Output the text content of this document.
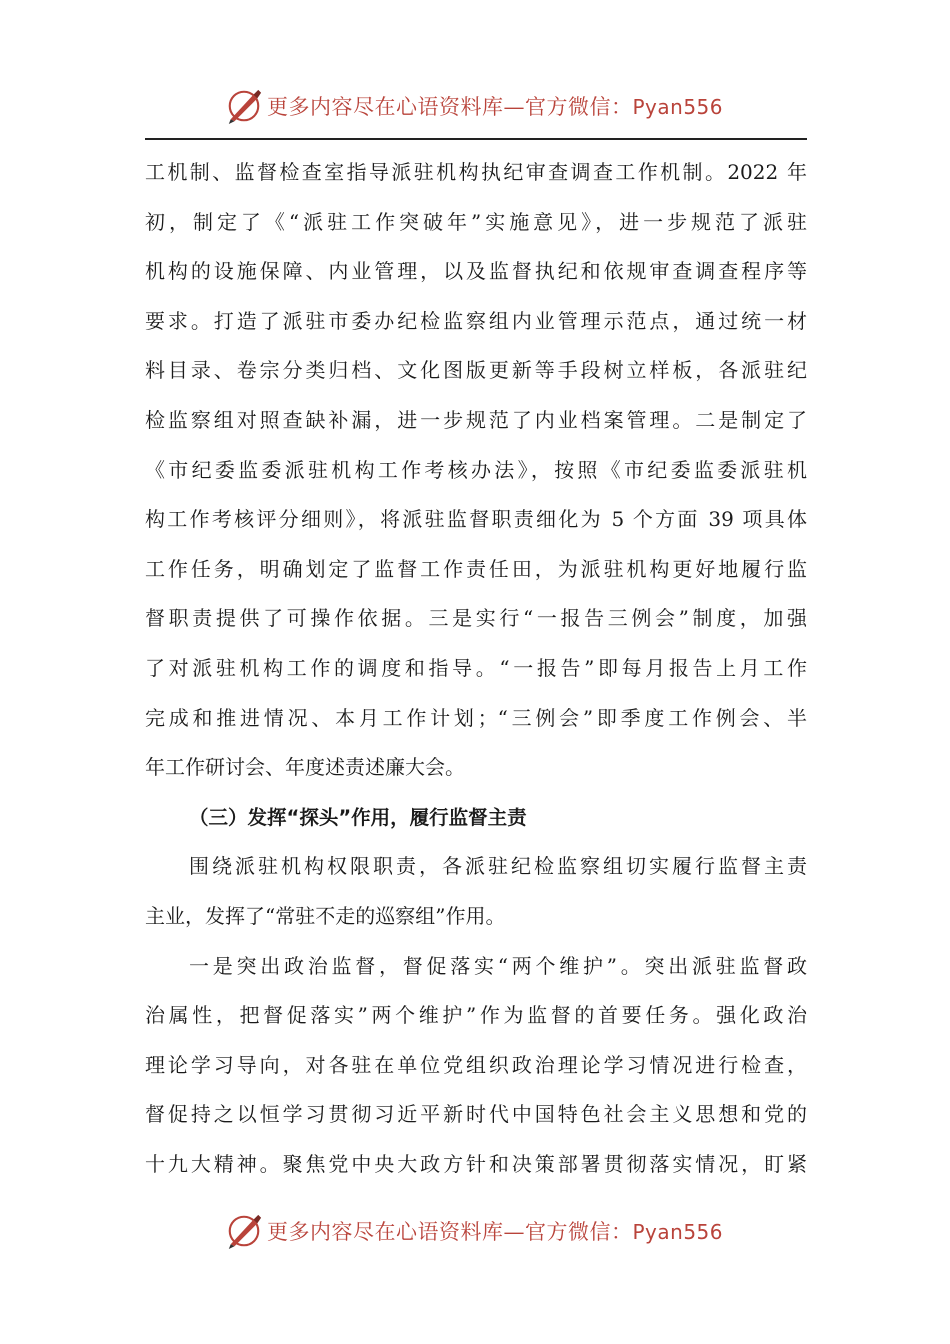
更多内容尽在心语资料库—官方微信：Pyan556
工机制、监督检查室指导派驻机构执纪审查调查工作机制。2022 年
初，制定了《“派驻工作突破年”实施意见》，进一步规范了派驻
机构的设施保障、内业管理，以及监督执纪和依规审查调查程序等
要求。打造了派驻市委办纪检监察组内业管理示范点，通过统一材
料目录、卷宗分类归档、文化图版更新等手段树立样板，各派驻纪
检监察组对照查缺补漏，进一步规范了内业档案管理。二是制定了
《市纪委监委派驻机构工作考核办法》，按照《市纪委监委派驻机
构工作考核评分细则》，将派驻监督职责细化为 5 个方面 39 项具体
工作任务，明确划定了监督工作责任田，为派驻机构更好地履行监
督职责提供了可操作依据。三是实行“一报告三例会”制度，加强
了对派驻机构工作的调度和指导。“一报告”即每月报告上月工作
完成和推进情况、本月工作计划；“三例会”即季度工作例会、半
年工作研讨会、年度述责述廉大会。
（三）发挥“探头”作用，履行监督主责
围绕派驻机构权限职责，各派驻纪检监察组切实履行监督主责
主业，发挥了“常驻不走的巡察组”作用。
一是突出政治监督，督促落实“两个维护”。突出派驻监督政
治属性，把督促落实”两个维护”作为监督的首要任务。强化政治
理论学习导向，对各驻在单位党组织政治理论学习情况进行检查，
督促持之以恒学习贯彻习近平新时代中国特色社会主义思想和党的
十九大精神。聚焦党中央大政方针和决策部署贯彻落实情况，盯紧
更多内容尽在心语资料库—官方微信：Pyan556
